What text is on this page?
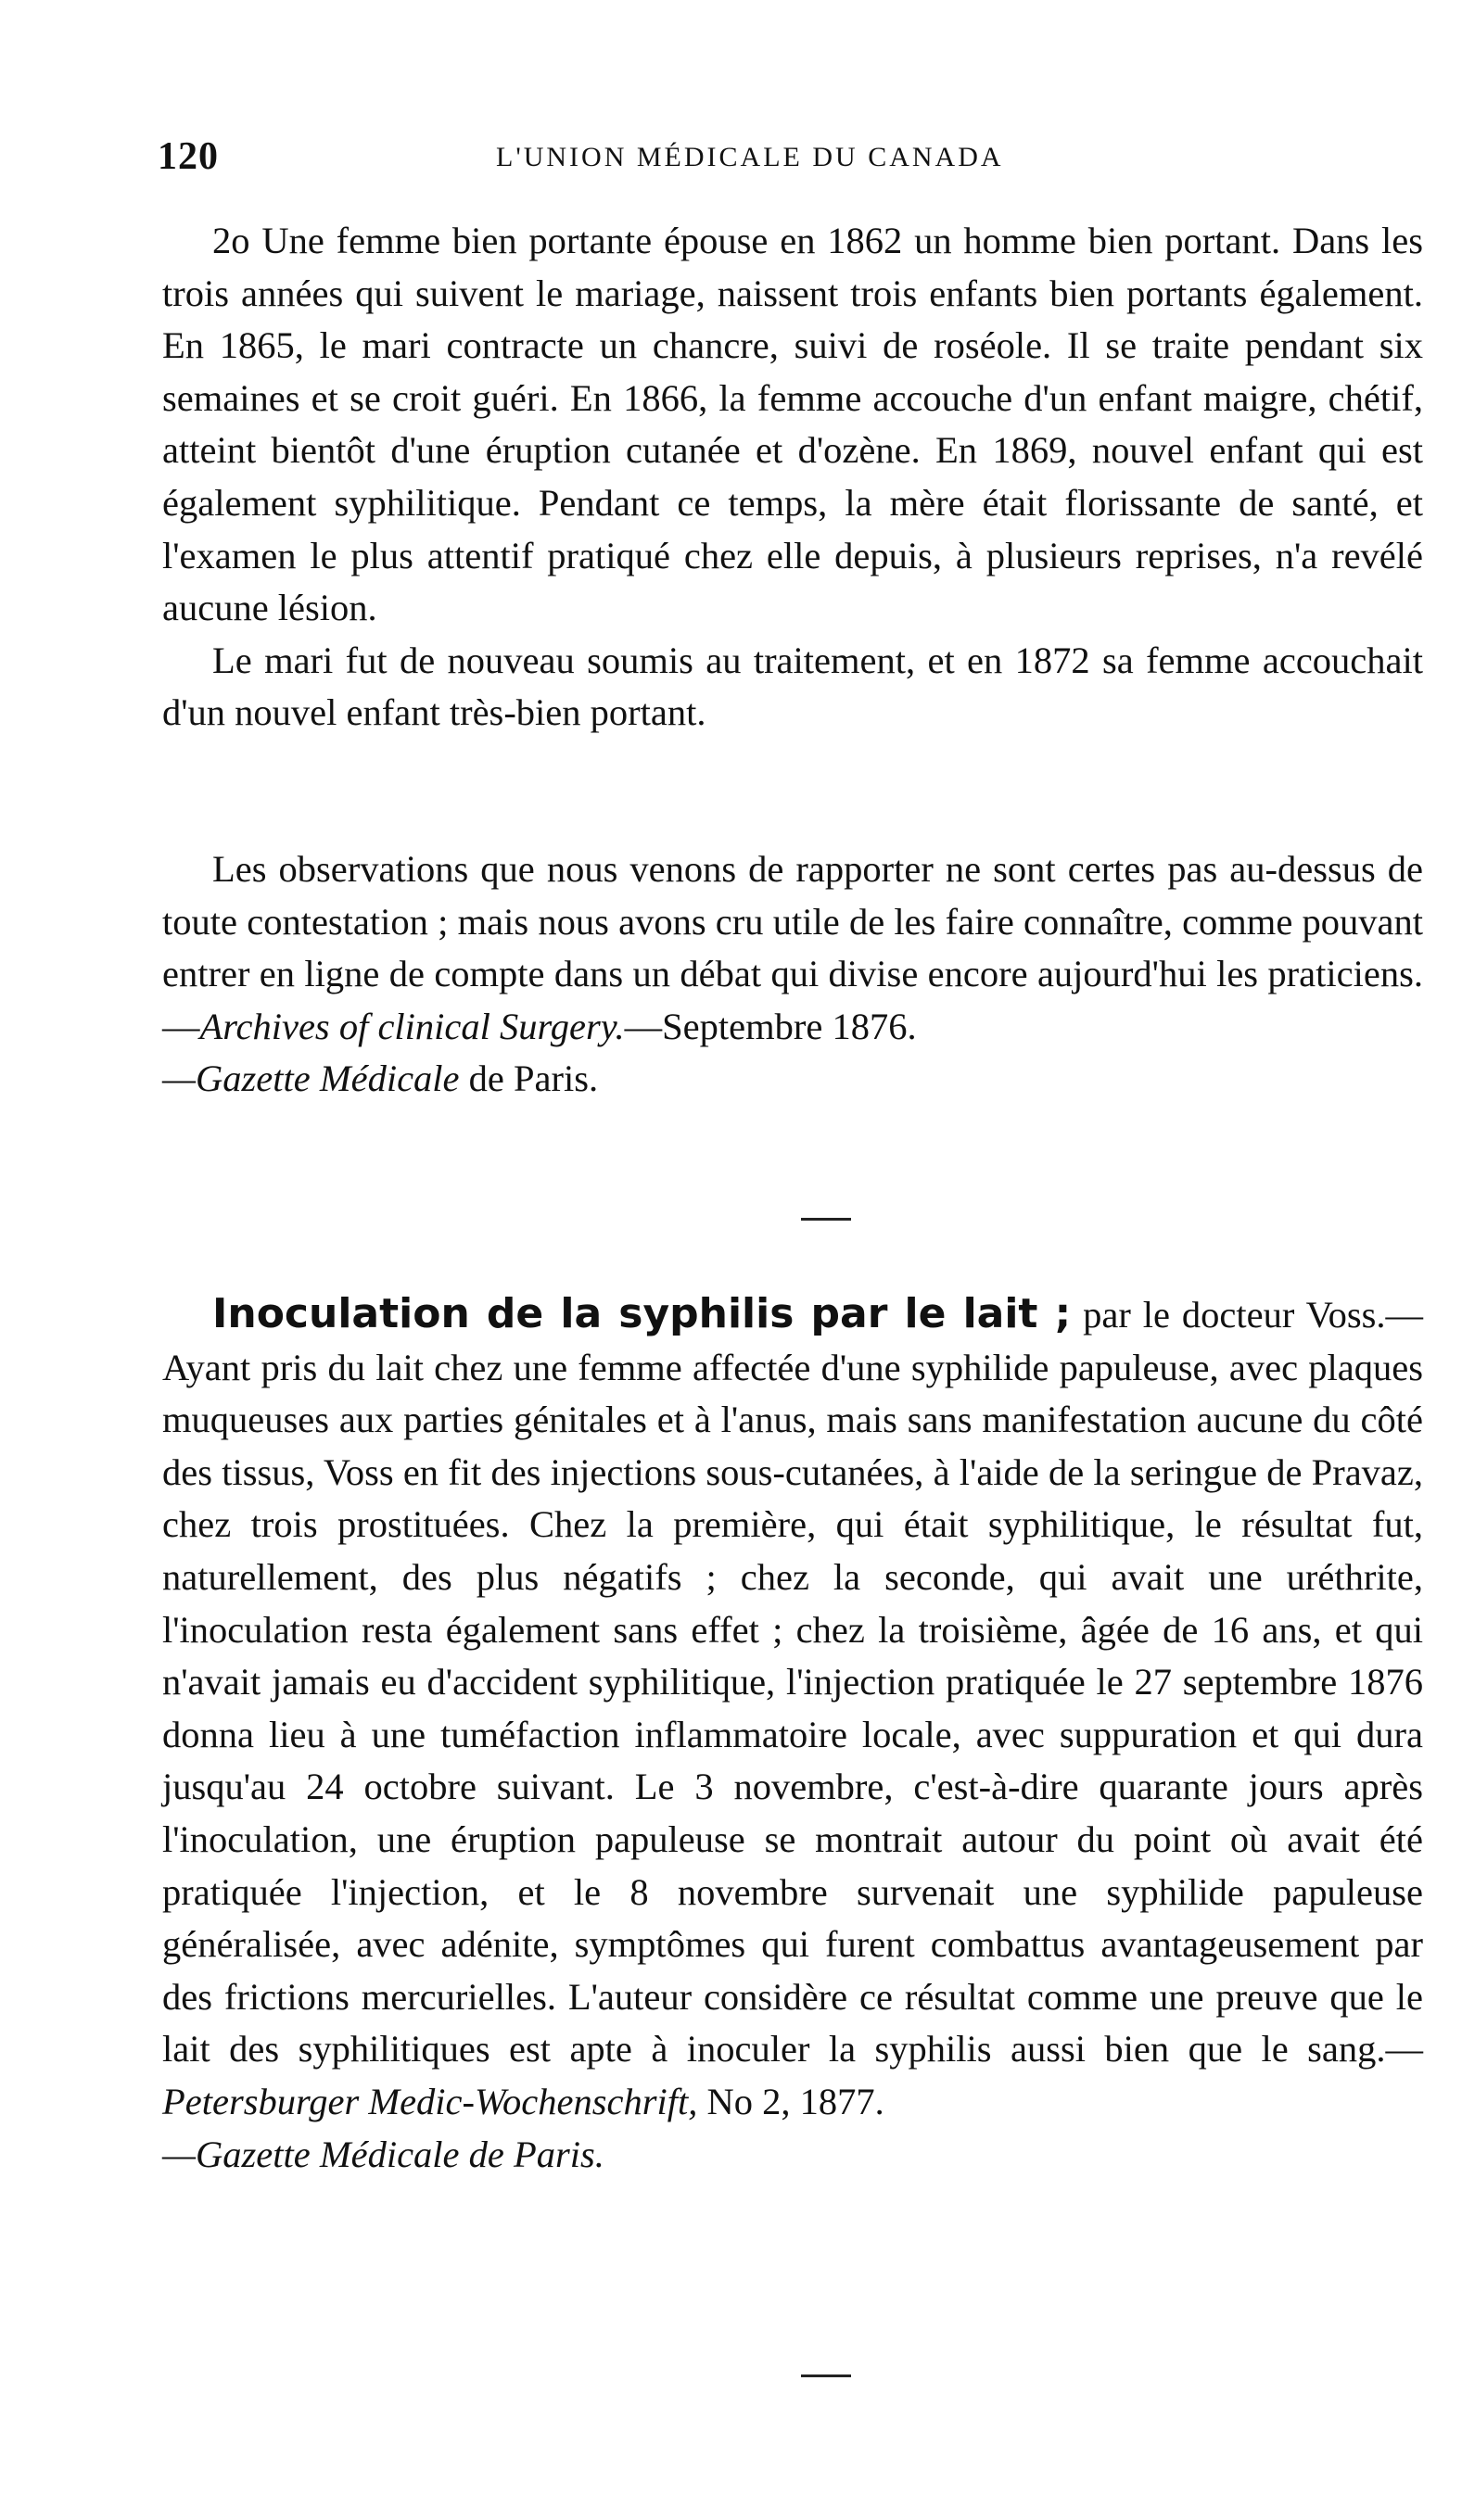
120	L'UNION MÉDICALE DU CANADA

2o Une femme bien portante épouse en 1862 un homme bien portant. Dans les trois années qui suivent le mariage, naissent trois enfants bien portants également. En 1865, le mari contracte un chancre, suivi de roséole. Il se traite pendant six semaines et se croit guéri. En 1866, la femme accouche d'un enfant maigre, chétif, atteint bientôt d'une éruption cutanée et d'ozène. En 1869, nouvel enfant qui est également syphilitique. Pendant ce temps, la mère était florissante de santé, et l'examen le plus attentif pratiqué chez elle depuis, à plusieurs reprises, n'a revélé aucune lésion.

Le mari fut de nouveau soumis au traitement, et en 1872 sa femme accouchait d'un nouvel enfant très-bien portant.

Les observations que nous venons de rapporter ne sont certes pas au-dessus de toute contestation ; mais nous avons cru utile de les faire connaître, comme pouvant entrer en ligne de compte dans un débat qui divise encore aujourd'hui les praticiens.—Archives of clinical Surgery.—Septembre 1876.
—Gazette Médicale de Paris.

Inoculation de la syphilis par le lait ; par le docteur Voss.—Ayant pris du lait chez une femme affectée d'une syphilide papuleuse, avec plaques muqueuses aux parties génitales et à l'anus, mais sans manifestation aucune du côté des tissus, Voss en fit des injections sous-cutanées, à l'aide de la seringue de Pravaz, chez trois prostituées. Chez la première, qui était syphilitique, le résultat fut, naturellement, des plus négatifs ; chez la seconde, qui avait une uréthrite, l'inoculation resta également sans effet ; chez la troisième, âgée de 16 ans, et qui n'avait jamais eu d'accident syphilitique, l'injection pratiquée le 27 septembre 1876 donna lieu à une tuméfaction inflammatoire locale, avec suppuration et qui dura jusqu'au 24 octobre suivant. Le 3 novembre, c'est-à-dire quarante jours après l'inoculation, une éruption papuleuse se montrait autour du point où avait été pratiquée l'injection, et le 8 novembre survenait une syphilide papuleuse généralisée, avec adénite, symptômes qui furent combattus avantageusement par des frictions mercurielles. L'auteur considère ce résultat comme une preuve que le lait des syphilitiques est apte à inoculer la syphilis aussi bien que le sang.—Petersburger Medic-Wochenschrift, No 2, 1877.
—Gazette Médicale de Paris.
